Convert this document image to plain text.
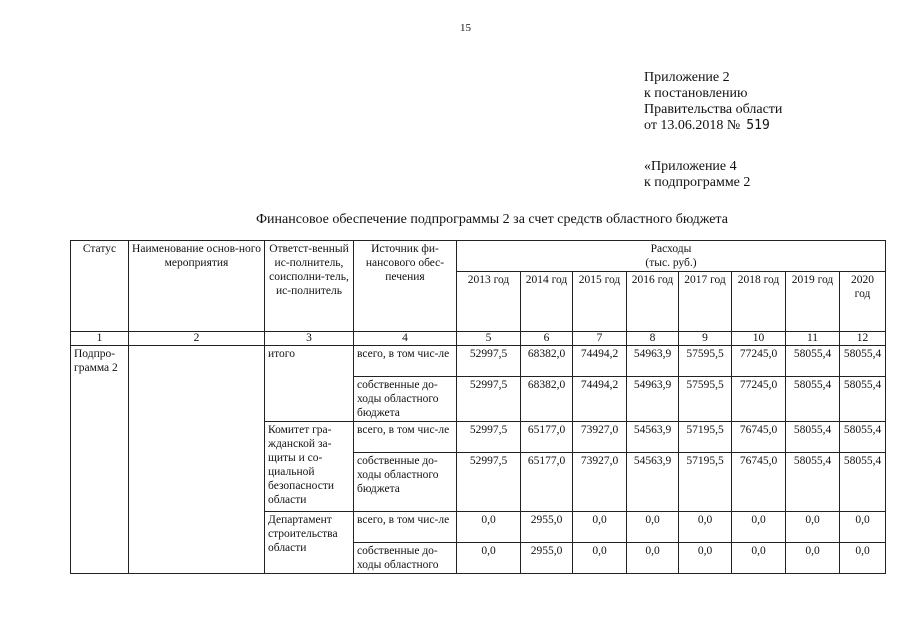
15
Приложение 2
к постановлению
Правительства области
от 13.06.2018 № 519
«Приложение 4
к подпрограмме 2
Финансовое обеспечение подпрограммы 2 за счет средств областного бюджета
Статус	Наименование основ-ного мероприятия	Ответст-венный ис-полнитель, соисполни-тель, ис-полнитель	Источник фи-нансового обес-печения	Расходы
(тыс. руб.)							

				2013 год	2014 год	2015 год	2016 год	2017 год	2018 год	2019 год	2020 год
1	2	3	4	5	6	7	8	9	10	11	12
Подпро-грамма 2		итого	всего, в том чис-ле	52997,5	68382,0	74494,2	54963,9	57595,5	77245,0	58055,4	58055,4
			собственные до-ходы областного бюджета	52997,5	68382,0	74494,2	54963,9	57595,5	77245,0	58055,4	58055,4
		Комитет гра-жданской за-щиты и со-циальной безопасности области	всего, в том чис-ле	52997,5	65177,0	73927,0	54563,9	57195,5	76745,0	58055,4	58055,4
			собственные до-ходы областного бюджета	52997,5	65177,0	73927,0	54563,9	57195,5	76745,0	58055,4	58055,4
		Департамент строительства области	всего, в том чис-ле	0,0	2955,0	0,0	0,0	0,0	0,0	0,0	0,0
			собственные до-ходы областного	0,0	2955,0	0,0	0,0	0,0	0,0	0,0	0,0
